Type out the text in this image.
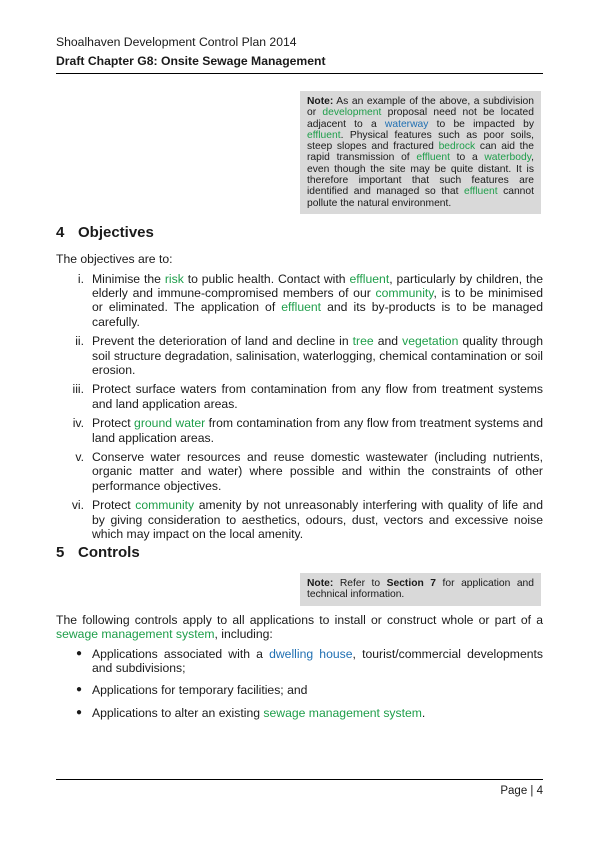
Shoalhaven Development Control Plan 2014
Draft Chapter G8: Onsite Sewage Management
Note: As an example of the above, a subdivision or development proposal need not be located adjacent to a waterway to be impacted by effluent. Physical features such as poor soils, steep slopes and fractured bedrock can aid the rapid transmission of effluent to a waterbody, even though the site may be quite distant. It is therefore important that such features are identified and managed so that effluent cannot pollute the natural environment.
4 Objectives

The objectives are to:

i. Minimise the risk to public health. Contact with effluent, particularly by children, the elderly and immune-compromised members of our community, is to be minimised or eliminated. The application of effluent and its by-products is to be managed carefully.
ii. Prevent the deterioration of land and decline in tree and vegetation quality through soil structure degradation, salinisation, waterlogging, chemical contamination or soil erosion.
iii. Protect surface waters from contamination from any flow from treatment systems and land application areas.
iv. Protect ground water from contamination from any flow from treatment systems and land application areas.
v. Conserve water resources and reuse domestic wastewater (including nutrients, organic matter and water) where possible and within the constraints of other performance objectives.
vi. Protect community amenity by not unreasonably interfering with quality of life and by giving consideration to aesthetics, odours, dust, vectors and excessive noise which may impact on the local amenity.
5 Controls
Note: Refer to Section 7 for application and technical information.

The following controls apply to all applications to install or construct whole or part of a sewage management system, including:

● Applications associated with a dwelling house, tourist/commercial developments and subdivisions;
● Applications for temporary facilities; and
● Applications to alter an existing sewage management system.
Page | 4
